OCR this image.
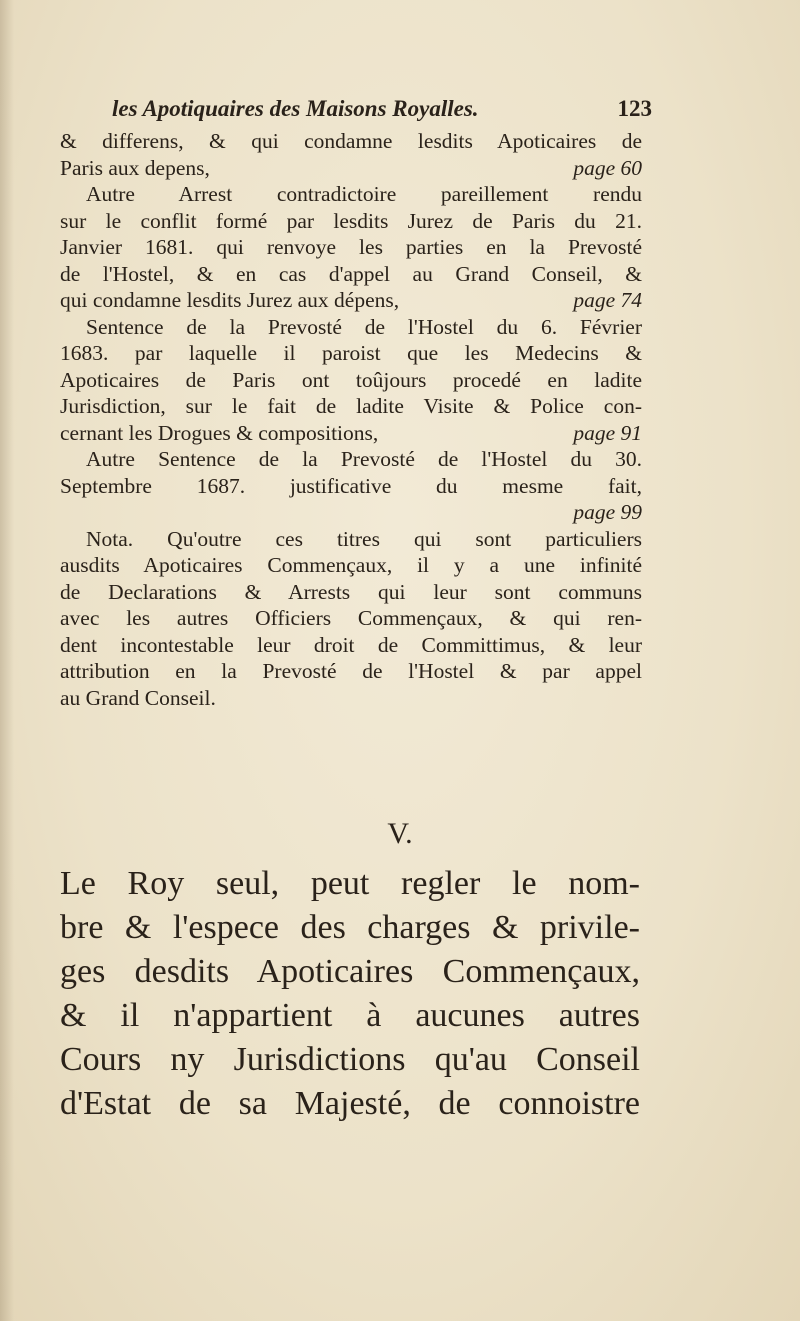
les Apotiquaires des Maisons Royalles.	123
& differens, & qui condamne lesdits Apoticaires de
Paris aux depens,	page 60
Autre Arrest contradictoire pareillement rendu
sur le conflit formé par lesdits Jurez de Paris du 21.
Janvier 1681. qui renvoye les parties en la Prevosté
de l'Hostel, & en cas d'appel au Grand Conseil, &
qui condamne lesdits Jurez aux dépens,	page 74
Sentence de la Prevosté de l'Hostel du 6. Février
1683. par laquelle il paroist que les Medecins &
Apoticaires de Paris ont toûjours procedé en ladite
Jurisdiction, sur le fait de ladite Visite & Police con-
cernant les Drogues & compositions,	page 91
Autre Sentence de la Prevosté de l'Hostel du 30.
Septembre 1687. justificative du mesme fait,
page 99
Nota. Qu'outre ces titres qui sont particuliers
ausdits Apoticaires Commençaux, il y a une infinité
de Declarations & Arrests qui leur sont communs
avec les autres Officiers Commençaux, & qui ren-
dent incontestable leur droit de Committimus, & leur
attribution en la Prevosté de l'Hostel & par appel
au Grand Conseil.
V.
Le Roy seul, peut regler le nom-
bre & l'espece des charges & privile-
ges desdits Apoticaires Commençaux,
& il n'appartient à aucunes autres
Cours ny Jurisdictions qu'au Conseil
d'Estat de sa Majesté, de connoistre
